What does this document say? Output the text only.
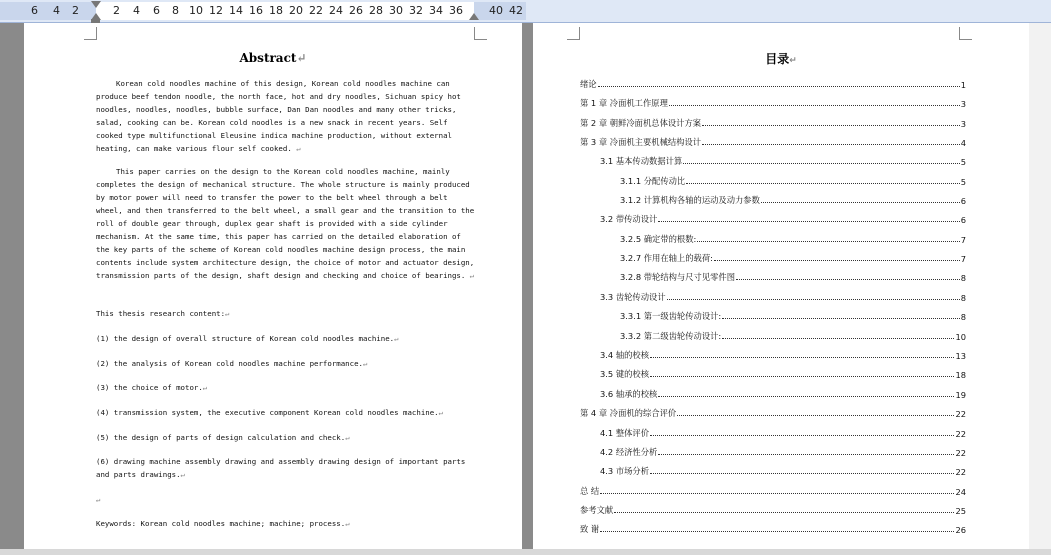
6 4 2	2 4 6 8 10 12 14 16 18 20 22 24 26 28 30 32 34 36 40 42
Abstract↵
Korean cold noodles machine of this design, Korean cold noodles machine can produce beef tendon noodle, the north face, hot and dry noodles, Sichuan spicy hot noodles, noodles, noodles, bubble surface, Dan Dan noodles and many other tricks, salad, cooking can be. Korean cold noodles is a new snack in recent years. Self cooked type multifunctional Eleusine indica machine production, without external heating, can make various flour self cooked. ↵
This paper carries on the design to the Korean cold noodles machine, mainly completes the design of mechanical structure. The whole structure is mainly produced by motor power will need to transfer the power to the belt wheel through a belt wheel, and then transferred to the belt wheel, a small gear and the transition to the roll of double gear through, duplex gear shaft is provided with a side cylinder mechanism. At the same time, this paper has carried on the detailed elaboration of the key parts of the scheme of Korean cold noodles machine design process, the main contents include system architecture design, the choice of motor and actuator design, transmission parts of the design, shaft design and checking and choice of bearings. ↵
This thesis research content:↵
(1) the design of overall structure of Korean cold noodles machine.↵
(2) the analysis of Korean cold noodles machine performance.↵
(3) the choice of motor.↵
(4) transmission system, the executive component Korean cold noodles machine.↵
(5) the design of parts of design calculation and check.↵
(6) drawing machine assembly drawing and assembly drawing design of important parts and parts drawings.↵
↵
Keywords: Korean cold noodles machine; machine; process.↵
目录↵
绪论	1
第 1 章 冷面机工作原理	3
第 2 章 朝鲜冷面机总体设计方案	3
第 3 章 冷面机主要机械结构设计	4
3.1 基本传动数据计算	5
3.1.1 分配传动比	5
3.1.2 计算机构各轴的运动及动力参数	6
3.2 带传动设计	6
3.2.5 确定带的根数:	7
3.2.7 作用在轴上的载荷:	7
3.2.8 带轮结构与尺寸见零件图	8
3.3 齿轮传动设计	8
3.3.1 第一级齿轮传动设计:	8
3.3.2 第二级齿轮传动设计:	10
3.4 轴的校核	13
3.5 键的校核	18
3.6 轴承的校核	19
第 4 章 冷面机的综合评价	22
4.1 整体评价	22
4.2 经济性分析	22
4.3 市场分析	22
总 结	24
参考文献	25
致 谢	26
